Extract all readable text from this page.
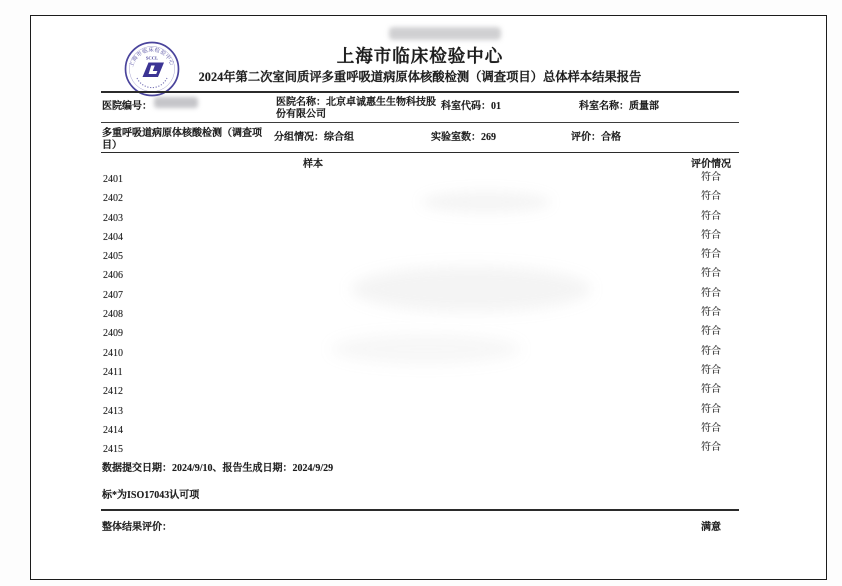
上海市临床检验中心
SCCL	上海市临床检验中心
2024年第二次室间质评多重呼吸道病原体核酸检测（调查项目）总体样本结果报告
医院编号：	医院名称：北京卓诚惠生生物科技股份有限公司
科室代码：01	科室名称：质量部
多重呼吸道病原体核酸检测（调查项目）
分组情况：综合组	实验室数：269	评价：合格
样本	评价情况
2401	符合
2402	符合
2403	符合
2404	符合
2405	符合
2406	符合
2407	符合
2408	符合
2409	符合
2410	符合
2411	符合
2412	符合
2413	符合
2414	符合
2415	符合
数据提交日期：2024/9/10、报告生成日期：2024/9/29
标*为ISO17043认可项
整体结果评价：	满意
